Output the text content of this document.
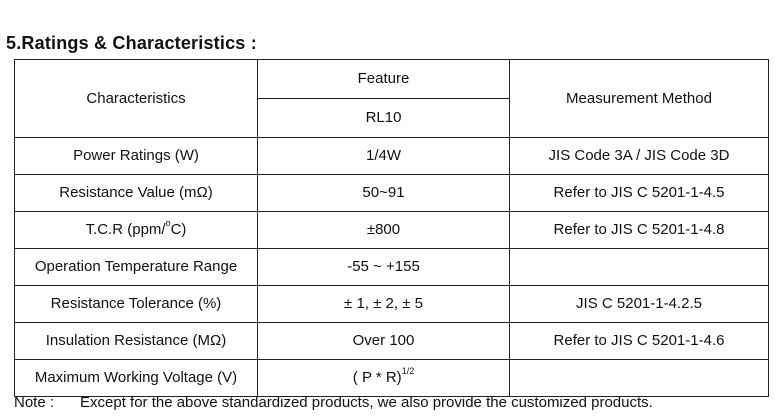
5.Ratings & Characteristics :
Characteristics	Feature	Measurement Method
	RL10	
Power Ratings (W)	1/4W	JIS Code 3A / JIS Code 3D
Resistance Value (mΩ)	50~91	Refer to JIS C 5201-1-4.5
T.C.R (ppm/$^o$C)	±800	Refer to JIS C 5201-1-4.8
Operation Temperature Range	-55 ~ +155	
Resistance Tolerance (%)	± 1, ± 2, ± 5	JIS C 5201-1-4.2.5
Insulation Resistance (MΩ)	Over 100	Refer to JIS C 5201-1-4.6
Maximum Working Voltage (V)	( P * R)$^{1/2}$	
Note : Except for the above standardized products, we also provide the customized products.
